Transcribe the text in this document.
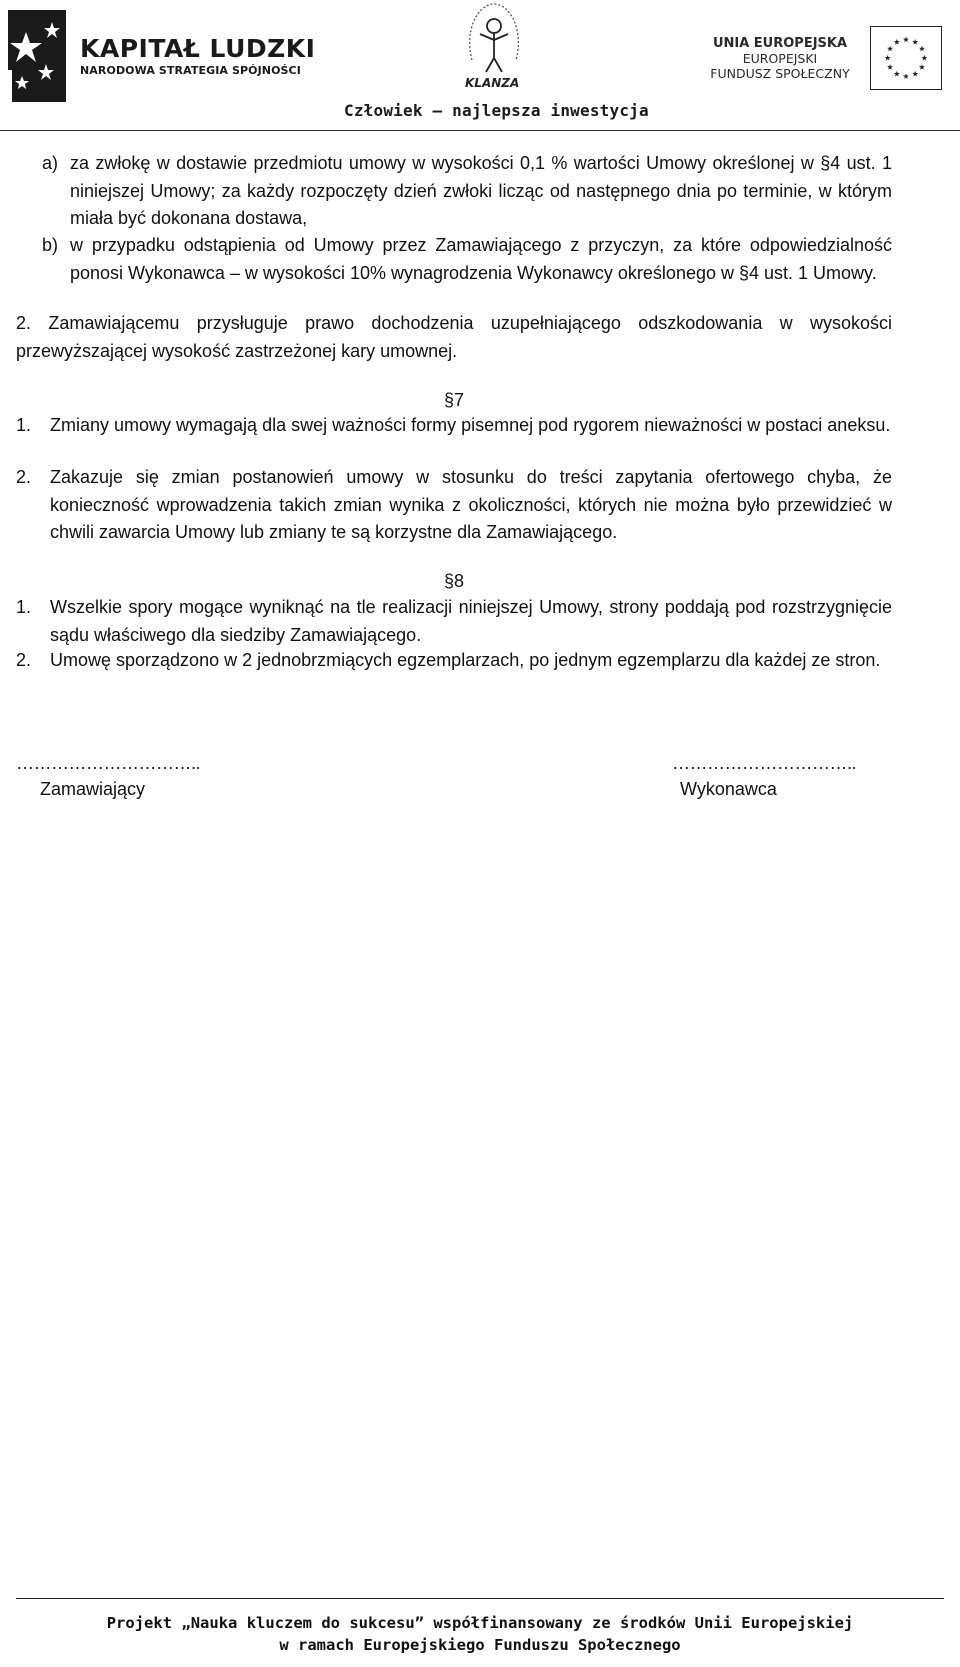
KAPITAŁ LUDZKI
NARODOWA STRATEGIA SPÓJNOŚCI
KLANZA
UNIA EUROPEJSKA
EUROPEJSKI
FUNDUSZ SPOŁECZNY
Człowiek – najlepsza inwestycja
a) za zwłokę w dostawie przedmiotu umowy w wysokości 0,1 % wartości Umowy określonej w §4 ust. 1 niniejszej Umowy; za każdy rozpoczęty dzień zwłoki licząc od następnego dnia po terminie, w którym miała być dokonana dostawa,
b) w przypadku odstąpienia od Umowy przez Zamawiającego z przyczyn, za które odpowiedzialność ponosi Wykonawca – w wysokości 10% wynagrodzenia Wykonawcy określonego w §4 ust. 1 Umowy.
2. Zamawiającemu przysługuje prawo dochodzenia uzupełniającego odszkodowania w wysokości przewyższającej wysokość zastrzeżonej kary umownej.
§7
1. Zmiany umowy wymagają dla swej ważności formy pisemnej pod rygorem nieważności w postaci aneksu.
2. Zakazuje się zmian postanowień umowy w stosunku do treści zapytania ofertowego chyba, że konieczność wprowadzenia takich zmian wynika z okoliczności, których nie można było przewidzieć w chwili zawarcia Umowy lub zmiany te są korzystne dla Zamawiającego.
§8
1. Wszelkie spory mogące wyniknąć na tle realizacji niniejszej Umowy, strony poddają pod rozstrzygnięcie sądu właściwego dla siedziby Zamawiającego.
2. Umowę sporządzono w 2 jednobrzmiących egzemplarzach, po jednym egzemplarzu dla każdej ze stron.
…………………………..
Zamawiający
…………………………..
Wykonawca
Projekt „Nauka kluczem do sukcesu” współfinansowany ze środków Unii Europejskiej
w ramach Europejskiego Funduszu Społecznego
